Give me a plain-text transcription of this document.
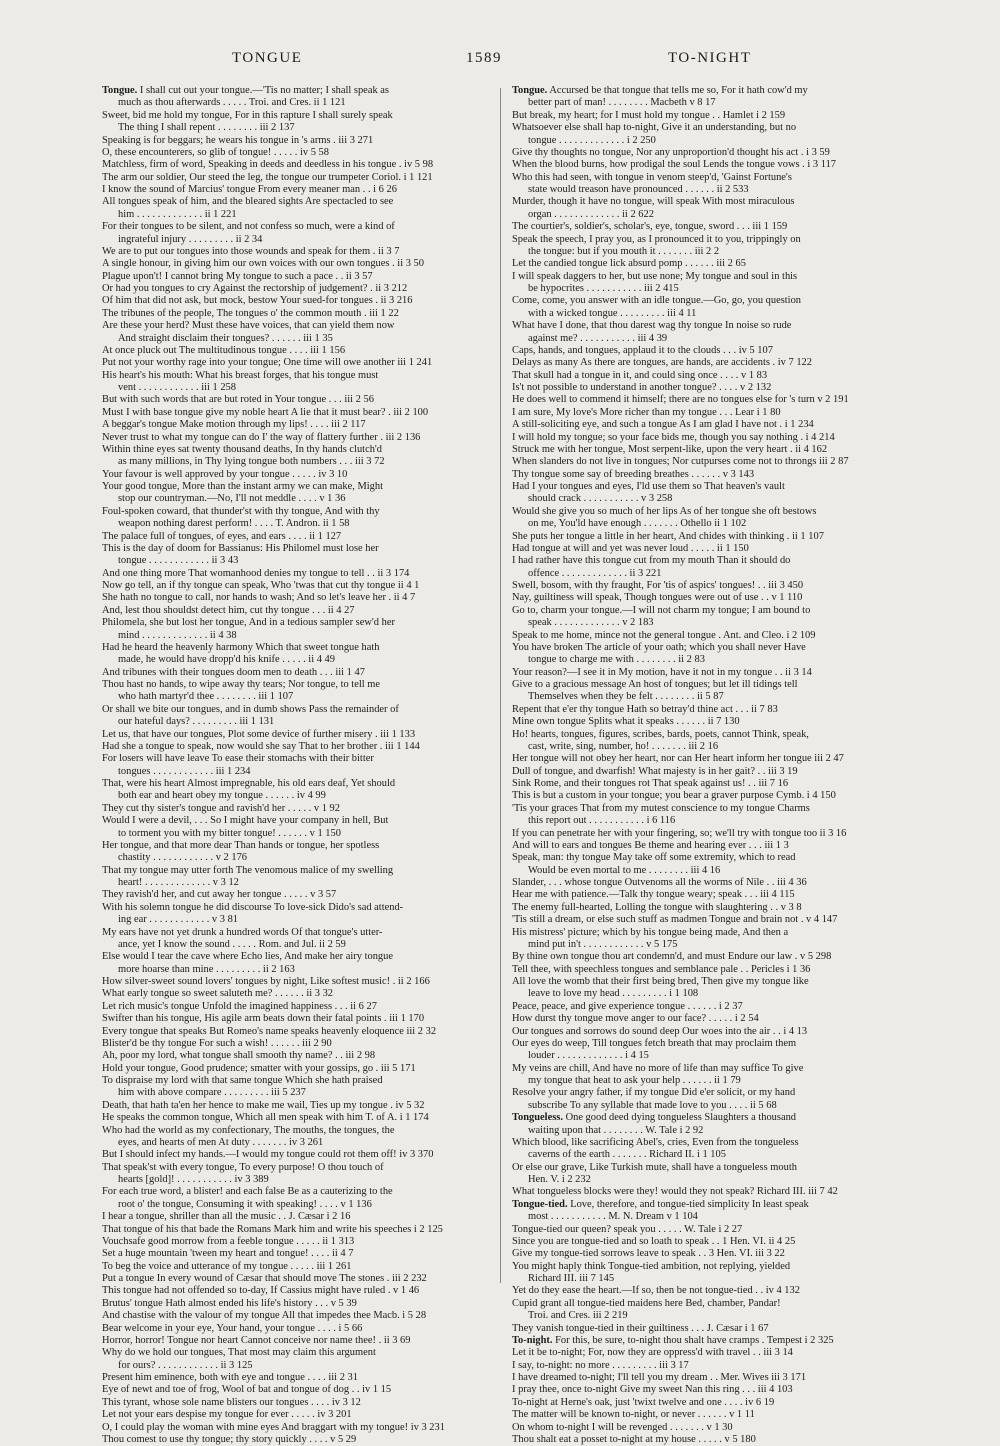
TONGUE	1589	TO-NIGHT
Tongue. I shall cut out your tongue.—'Tis no matter; I shall speak as
much as thou afterwards . . . . . Troi. and Cres. ii 1 121
Sweet, bid me hold my tongue, For in this rapture I shall surely speak
The thing I shall repent . . . . . . . . iii 2 137
Speaking is for beggars; he wears his tongue in 's arms . iii 3 271
O, these encounterers, so glib of tongue! . . . . . iv 5 58
Matchless, firm of word, Speaking in deeds and deedless in his tongue . iv 5 98
The arm our soldier, Our steed the leg, the tongue our trumpeter Coriol. i 1 121
I know the sound of Marcius' tongue From every meaner man . . i 6 26
All tongues speak of him, and the bleared sights Are spectacled to see
him . . . . . . . . . . . . . ii 1 221
For their tongues to be silent, and not confess so much, were a kind of
ingrateful injury . . . . . . . . . ii 2 34
We are to put our tongues into those wounds and speak for them . ii 3 7
A single honour, in giving him our own voices with our own tongues . ii 3 50
Plague upon't! I cannot bring My tongue to such a pace . . ii 3 57
Or had you tongues to cry Against the rectorship of judgement? . ii 3 212
Of him that did not ask, but mock, bestow Your sued-for tongues . ii 3 216
The tribunes of the people, The tongues o' the common mouth . iii 1 22
Are these your herd? Must these have voices, that can yield them now
And straight disclaim their tongues? . . . . . . iii 1 35
At once pluck out The multitudinous tongue . . . . iii 1 156
Put not your worthy rage into your tongue; One time will owe another iii 1 241
His heart's his mouth: What his breast forges, that his tongue must
vent . . . . . . . . . . . . iii 1 258
But with such words that are but roted in Your tongue . . . iii 2 56
Must I with base tongue give my noble heart A lie that it must bear? . iii 2 100
A beggar's tongue Make motion through my lips! . . . . iii 2 117
Never trust to what my tongue can do I' the way of flattery further . iii 2 136
Within thine eyes sat twenty thousand deaths, In thy hands clutch'd
as many millions, in Thy lying tongue both numbers . . . iii 3 72
Your favour is well approved by your tongue . . . . . iv 3 10
Your good tongue, More than the instant army we can make, Might
stop our countryman.—No, I'll not meddle . . . . v 1 36
Foul-spoken coward, that thunder'st with thy tongue, And with thy
weapon nothing darest perform! . . . . T. Andron. ii 1 58
The palace full of tongues, of eyes, and ears . . . . ii 1 127
This is the day of doom for Bassianus: His Philomel must lose her
tongue . . . . . . . . . . . . ii 3 43
And one thing more That womanhood denies my tongue to tell . . ii 3 174
Now go tell, an if thy tongue can speak, Who 'twas that cut thy tongue ii 4 1
She hath no tongue to call, nor hands to wash; And so let's leave her . ii 4 7
And, lest thou shouldst detect him, cut thy tongue . . . ii 4 27
Philomela, she but lost her tongue, And in a tedious sampler sew'd her
mind . . . . . . . . . . . . . ii 4 38
Had he heard the heavenly harmony Which that sweet tongue hath
made, he would have dropp'd his knife . . . . . ii 4 49
And tribunes with their tongues doom men to death . . . iii 1 47
Thou hast no hands, to wipe away thy tears; Nor tongue, to tell me
who hath martyr'd thee . . . . . . . . iii 1 107
Or shall we bite our tongues, and in dumb shows Pass the remainder of
our hateful days? . . . . . . . . . iii 1 131
Let us, that have our tongues, Plot some device of further misery . iii 1 133
Had she a tongue to speak, now would she say That to her brother . iii 1 144
For losers will have leave To ease their stomachs with their bitter
tongues . . . . . . . . . . . . iii 1 234
That, were his heart Almost impregnable, his old ears deaf, Yet should
both ear and heart obey my tongue . . . . . . iv 4 99
They cut thy sister's tongue and ravish'd her . . . . . v 1 92
Would I were a devil, . . . So I might have your company in hell, But
to torment you with my bitter tongue! . . . . . . v 1 150
Her tongue, and that more dear Than hands or tongue, her spotless
chastity . . . . . . . . . . . . v 2 176
That my tongue may utter forth The venomous malice of my swelling
heart! . . . . . . . . . . . . . v 3 12
They ravish'd her, and cut away her tongue . . . . . v 3 57
With his solemn tongue he did discourse To love-sick Dido's sad attend-
ing ear . . . . . . . . . . . . v 3 81
My ears have not yet drunk a hundred words Of that tongue's utter-
ance, yet I know the sound . . . . . Rom. and Jul. ii 2 59
Else would I tear the cave where Echo lies, And make her airy tongue
more hoarse than mine . . . . . . . . . ii 2 163
How silver-sweet sound lovers' tongues by night, Like softest music! . ii 2 166
What early tongue so sweet saluteth me? . . . . . . ii 3 32
Let rich music's tongue Unfold the imagined happiness . . . ii 6 27
Swifter than his tongue, His agile arm beats down their fatal points . iii 1 170
Every tongue that speaks But Romeo's name speaks heavenly eloquence iii 2 32
Blister'd be thy tongue For such a wish! . . . . . . iii 2 90
Ah, poor my lord, what tongue shall smooth thy name? . . iii 2 98
Hold your tongue, Good prudence; smatter with your gossips, go . iii 5 171
To dispraise my lord with that same tongue Which she hath praised
him with above compare . . . . . . . . . iii 5 237
Death, that hath ta'en her hence to make me wail, Ties up my tongue . iv 5 32
He speaks the common tongue, Which all men speak with him T. of A. i 1 174
Who had the world as my confectionary, The mouths, the tongues, the
eyes, and hearts of men At duty . . . . . . . iv 3 261
But I should infect my hands.—I would my tongue could rot them off! iv 3 370
That speak'st with every tongue, To every purpose! O thou touch of
hearts [gold]! . . . . . . . . . . . iv 3 389
For each true word, a blister! and each false Be as a cauterizing to the
root o' the tongue, Consuming it with speaking! . . . . v 1 136
I hear a tongue, shriller than all the music . . J. Cæsar i 2 16
That tongue of his that bade the Romans Mark him and write his speeches i 2 125
Vouchsafe good morrow from a feeble tongue . . . . . ii 1 313
Set a huge mountain 'tween my heart and tongue! . . . . ii 4 7
To beg the voice and utterance of my tongue . . . . . iii 1 261
Put a tongue In every wound of Cæsar that should move The stones . iii 2 232
This tongue had not offended so to-day, If Cassius might have ruled . v 1 46
Brutus' tongue Hath almost ended his life's history . . . v 5 39
And chastise with the valour of my tongue All that impedes thee Macb. i 5 28
Bear welcome in your eye, Your hand, your tongue . . . . i 5 66
Horror, horror! Tongue nor heart Cannot conceive nor name thee! . ii 3 69
Why do we hold our tongues, That most may claim this argument
for ours? . . . . . . . . . . . . ii 3 125
Present him eminence, both with eye and tongue . . . . iii 2 31
Eye of newt and toe of frog, Wool of bat and tongue of dog . . iv 1 15
This tyrant, whose sole name blisters our tongues . . . . iv 3 12
Let not your ears despise my tongue for ever . . . . . iv 3 201
O, I could play the woman with mine eyes And braggart with my tongue! iv 3 231
Thou comest to use thy tongue; thy story quickly . . . . v 5 29
Tongue. Accursed be that tongue that tells me so, For it hath cow'd my
better part of man! . . . . . . . . Macbeth v 8 17
But break, my heart; for I must hold my tongue . . Hamlet i 2 159
Whatsoever else shall hap to-night, Give it an understanding, but no
tongue . . . . . . . . . . . . . i 2 250
Give thy thoughts no tongue, Nor any unproportion'd thought his act . i 3 59
When the blood burns, how prodigal the soul Lends the tongue vows . i 3 117
Who this had seen, with tongue in venom steep'd, 'Gainst Fortune's
state would treason have pronounced . . . . . . ii 2 533
Murder, though it have no tongue, will speak With most miraculous
organ . . . . . . . . . . . . . ii 2 622
The courtier's, soldier's, scholar's, eye, tongue, sword . . . iii 1 159
Speak the speech, I pray you, as I pronounced it to you, trippingly on
the tongue: but if you mouth it . . . . . . . iii 2 2
Let the candied tongue lick absurd pomp . . . . . . iii 2 65
I will speak daggers to her, but use none; My tongue and soul in this
be hypocrites . . . . . . . . . . . iii 2 415
Come, come, you answer with an idle tongue.—Go, go, you question
with a wicked tongue . . . . . . . . . iii 4 11
What have I done, that thou darest wag thy tongue In noise so rude
against me? . . . . . . . . . . . iii 4 39
Caps, hands, and tongues, applaud it to the clouds . . . iv 5 107
Delays as many As there are tongues, are hands, are accidents . iv 7 122
That skull had a tongue in it, and could sing once . . . . v 1 83
Is't not possible to understand in another tongue? . . . . v 2 132
He does well to commend it himself; there are no tongues else for 's turn v 2 191
I am sure, My love's More richer than my tongue . . . Lear i 1 80
A still-soliciting eye, and such a tongue As I am glad I have not . i 1 234
I will hold my tongue; so your face bids me, though you say nothing . i 4 214
Struck me with her tongue, Most serpent-like, upon the very heart . ii 4 162
When slanders do not live in tongues; Nor cutpurses come not to throngs iii 2 87
Thy tongue some say of breeding breathes . . . . . . v 3 143
Had I your tongues and eyes, I'ld use them so That heaven's vault
should crack . . . . . . . . . . . v 3 258
Would she give you so much of her lips As of her tongue she oft bestows
on me, You'ld have enough . . . . . . . Othello ii 1 102
She puts her tongue a little in her heart, And chides with thinking . ii 1 107
Had tongue at will and yet was never loud . . . . . ii 1 150
I had rather have this tongue cut from my mouth Than it should do
offence . . . . . . . . . . . . . ii 3 221
Swell, bosom, with thy fraught, For 'tis of aspics' tongues! . . iii 3 450
Nay, guiltiness will speak, Though tongues were out of use . . v 1 110
Go to, charm your tongue.—I will not charm my tongue; I am bound to
speak . . . . . . . . . . . . . v 2 183
Speak to me home, mince not the general tongue . Ant. and Cleo. i 2 109
You have broken The article of your oath; which you shall never Have
tongue to charge me with . . . . . . . . ii 2 83
Your reason?—I see it in My motion, have it not in my tongue . . ii 3 14
Give to a gracious message An host of tongues; but let ill tidings tell
Themselves when they be felt . . . . . . . . ii 5 87
Repent that e'er thy tongue Hath so betray'd thine act . . . ii 7 83
Mine own tongue Splits what it speaks . . . . . . ii 7 130
Ho! hearts, tongues, figures, scribes, bards, poets, cannot Think, speak,
cast, write, sing, number, ho! . . . . . . . iii 2 16
Her tongue will not obey her heart, nor can Her heart inform her tongue iii 2 47
Dull of tongue, and dwarfish! What majesty is in her gait? . . iii 3 19
Sink Rome, and their tongues rot That speak against us! . . iii 7 16
This is but a custom in your tongue; you bear a graver purpose Cymb. i 4 150
'Tis your graces That from my mutest conscience to my tongue Charms
this report out . . . . . . . . . . . i 6 116
If you can penetrate her with your fingering, so; we'll try with tongue too ii 3 16
And will to ears and tongues Be theme and hearing ever . . . iii 1 3
Speak, man: thy tongue May take off some extremity, which to read
Would be even mortal to me . . . . . . . . iii 4 16
Slander, . . . whose tongue Outvenoms all the worms of Nile . . iii 4 36
Hear me with patience.—Talk thy tongue weary; speak . . . iii 4 115
The enemy full-hearted, Lolling the tongue with slaughtering . . v 3 8
'Tis still a dream, or else such stuff as madmen Tongue and brain not . v 4 147
His mistress' picture; which by his tongue being made, And then a
mind put in't . . . . . . . . . . . . v 5 175
By thine own tongue thou art condemn'd, and must Endure our law . v 5 298
Tell thee, with speechless tongues and semblance pale . . Pericles i 1 36
All love the womb that their first being bred, Then give my tongue like
leave to love my head . . . . . . . . . i 1 108
Peace, peace, and give experience tongue . . . . . . i 2 37
How durst thy tongue move anger to our face? . . . . . i 2 54
Our tongues and sorrows do sound deep Our woes into the air . . i 4 13
Our eyes do weep, Till tongues fetch breath that may proclaim them
louder . . . . . . . . . . . . . i 4 15
My veins are chill, And have no more of life than may suffice To give
my tongue that heat to ask your help . . . . . . ii 1 79
Resolve your angry father, if my tongue Did e'er solicit, or my hand
subscribe To any syllable that made love to you . . . . ii 5 68
Tongueless. One good deed dying tongueless Slaughters a thousand
waiting upon that . . . . . . . . W. Tale i 2 92
Which blood, like sacrificing Abel's, cries, Even from the tongueless
caverns of the earth . . . . . . . Richard II. i 1 105
Or else our grave, Like Turkish mute, shall have a tongueless mouth
Hen. V. i 2 232
What tongueless blocks were they! would they not speak? Richard III. iii 7 42
Tongue-tied. Love, therefore, and tongue-tied simplicity In least speak
most . . . . . . . . . . . M. N. Dream v 1 104
Tongue-tied our queen? speak you . . . . . W. Tale i 2 27
Since you are tongue-tied and so loath to speak . . 1 Hen. VI. ii 4 25
Give my tongue-tied sorrows leave to speak . . 3 Hen. VI. iii 3 22
You might haply think Tongue-tied ambition, not replying, yielded
Richard III. iii 7 145
Yet do they ease the heart.—If so, then be not tongue-tied . . iv 4 132
Cupid grant all tongue-tied maidens here Bed, chamber, Pandar!
Troi. and Cres. iii 2 219
They vanish tongue-tied in their guiltiness . . . J. Cæsar i 1 67
To-night. For this, be sure, to-night thou shalt have cramps . Tempest i 2 325
Let it be to-night; For, now they are oppress'd with travel . . iii 3 14
I say, to-night: no more . . . . . . . . . iii 3 17
I have dreamed to-night; I'll tell you my dream . . Mer. Wives iii 3 171
I pray thee, once to-night Give my sweet Nan this ring . . . iii 4 103
To-night at Herne's oak, just 'twixt twelve and one . . . . iv 6 19
The matter will be known to-night, or never . . . . . . v 1 11
On whom to-night I will be revenged . . . . . . . v 1 30
Thou shalt eat a posset to-night at my house . . . . . v 5 180
